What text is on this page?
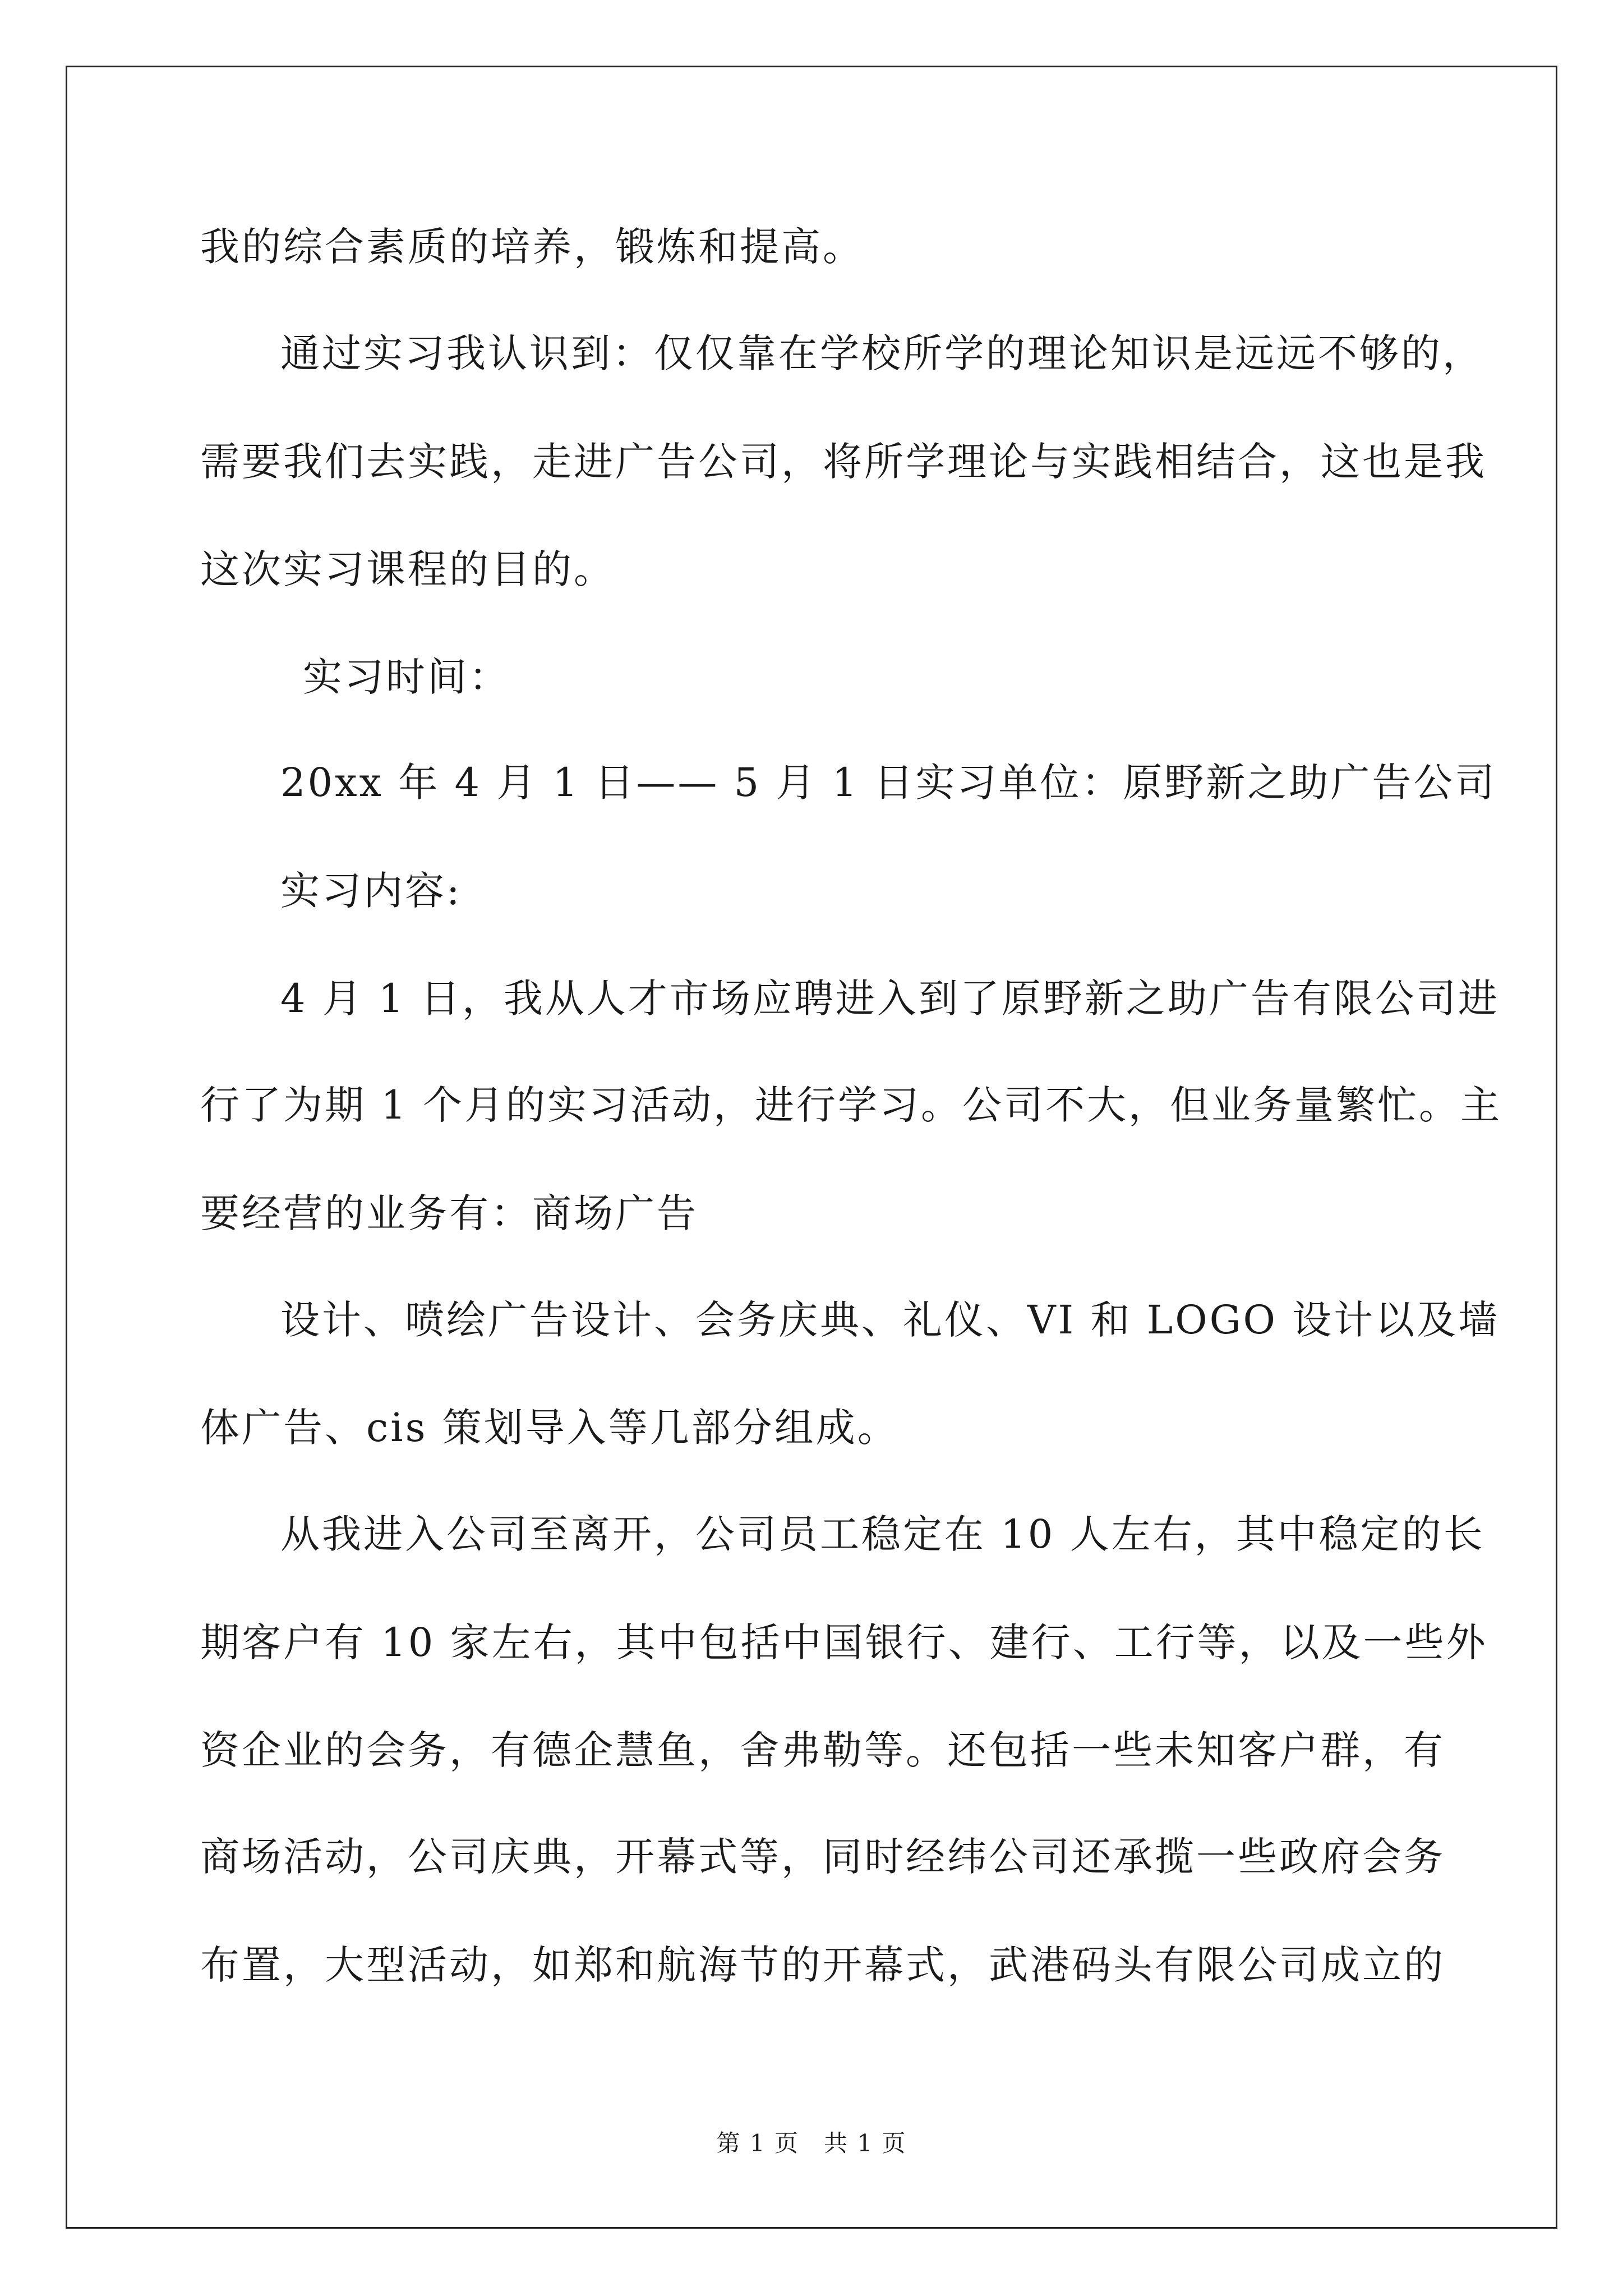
我的综合素质的培养，锻炼和提高。
通过实习我认识到：仅仅靠在学校所学的理论知识是远远不够的，
需要我们去实践，走进广告公司，将所学理论与实践相结合，这也是我
这次实习课程的目的。
实习时间：
20xx 年 4 月 1 日—— 5 月 1 日实习单位：原野新之助广告公司
实习内容:
4 月 1 日，我从人才市场应聘进入到了原野新之助广告有限公司进
行了为期 1 个月的实习活动，进行学习。公司不大，但业务量繁忙。主
要经营的业务有：商场广告
设计、喷绘广告设计、会务庆典、礼仪、VI 和 LOGO 设计以及墙
体广告、cis 策划导入等几部分组成。
从我进入公司至离开，公司员工稳定在 10 人左右，其中稳定的长
期客户有 10 家左右，其中包括中国银行、建行、工行等，以及一些外
资企业的会务，有德企慧鱼，舍弗勒等。还包括一些未知客户群，有
商场活动，公司庆典，开幕式等，同时经纬公司还承揽一些政府会务
布置，大型活动，如郑和航海节的开幕式，武港码头有限公司成立的
第 1 页　共 1 页
